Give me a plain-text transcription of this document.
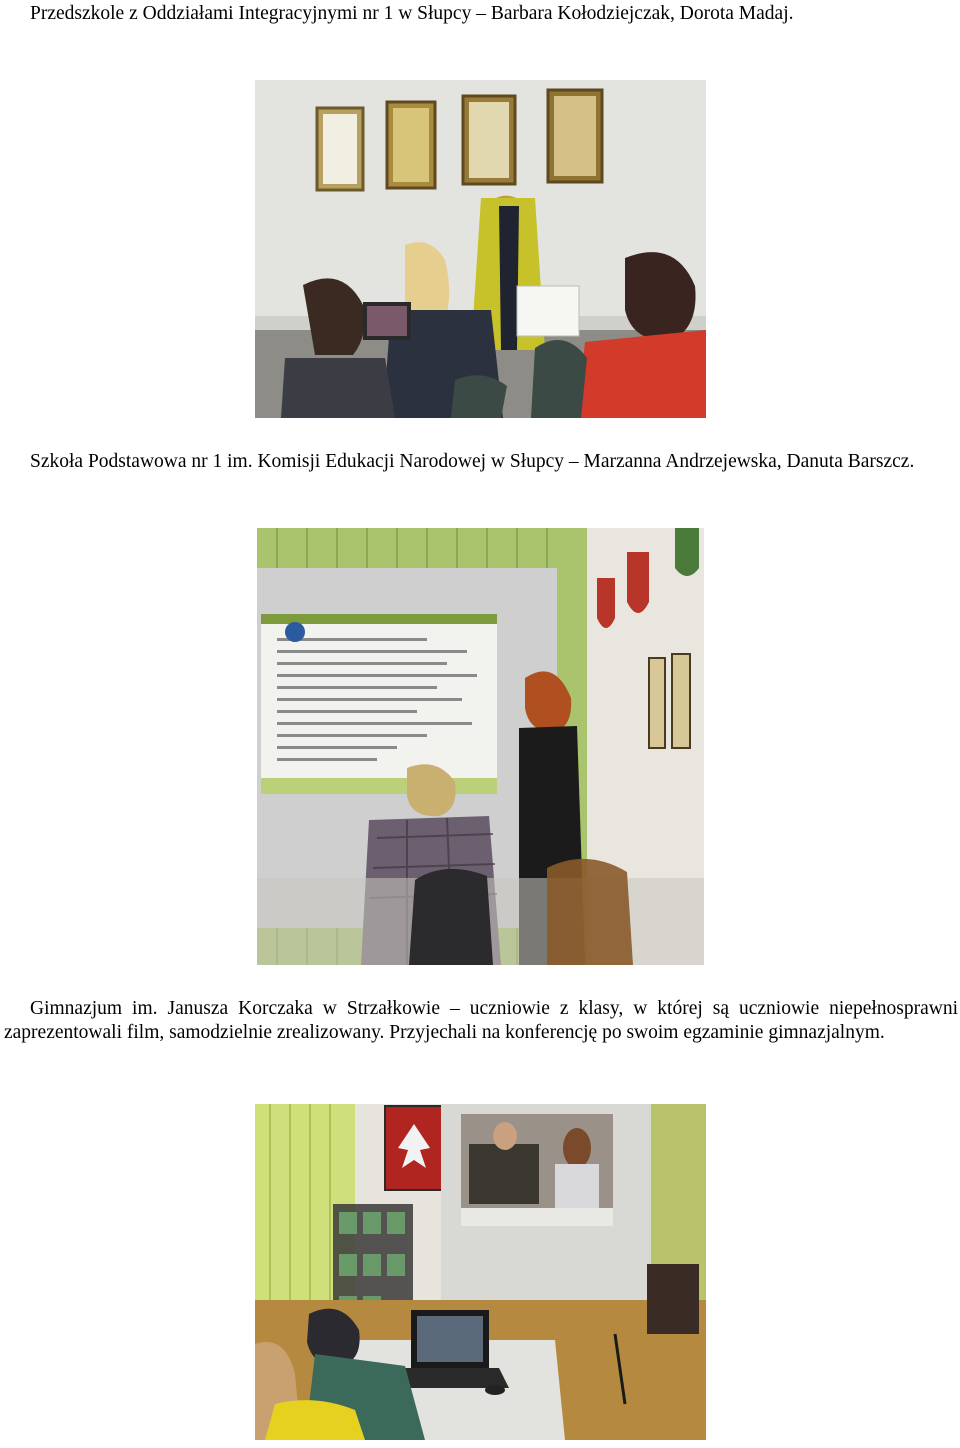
Przedszkole z Oddziałami Integracyjnymi nr 1 w Słupcy – Barbara Kołodziejczak, Dorota Madaj.

Szkoła Podstawowa nr 1 im. Komisji Edukacji Narodowej w Słupcy – Marzanna Andrzejewska, Danuta Barszcz.

Gimnazjum im. Janusza Korczaka w Strzałkowie – uczniowie z klasy, w której są uczniowie niepełnosprawni zaprezentowali film, samodzielnie zrealizowany. Przyjechali na konferencję po swoim egzaminie gimnazjalnym.
